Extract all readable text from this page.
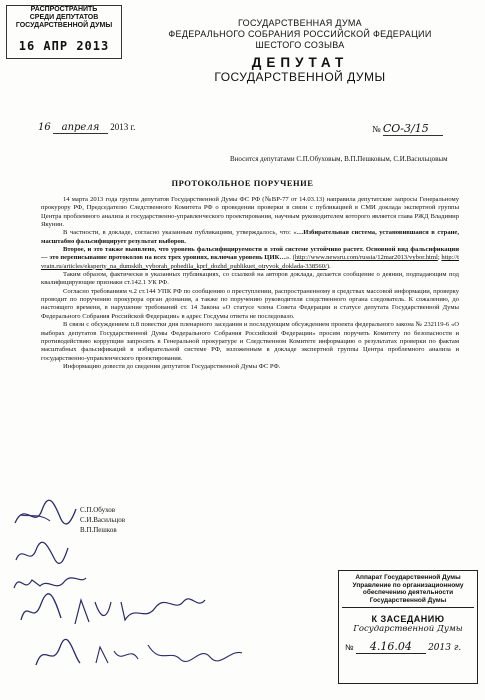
РАСПРОСТРАНИТЬ
СРЕДИ ДЕПУТАТОВ
ГОСУДАРСТВЕННОЙ ДУМЫ
16 АПР 2013
ГОСУДАРСТВЕННАЯ ДУМА
ФЕДЕРАЛЬНОГО СОБРАНИЯ РОССИЙСКОЙ ФЕДЕРАЦИИ
ШЕСТОГО СОЗЫВА
ДЕПУТАТ
ГОСУДАРСТВЕННОЙ ДУМЫ
16 апреля 2013 г.	№ СО-3/15
Вносится депутатами С.П.Обуховым, В.П.Пешковым, С.И.Васильцовым
ПРОТОКОЛЬНОЕ ПОРУЧЕНИЕ

14 марта 2013 года группа депутатов Государственной Думы ФС РФ (№ВР-77 от 14.03.13) направила депутатские запросы Генеральному прокурору РФ, Председателю Следственного Комитета РФ о проведении проверки в связи с публикацией в СМИ доклада экспертной группы Центра проблемного анализа и государственно-управленческого проектирования, научным руководителем которого является глава РЖД Владимир Якунин.

В частности, в докладе, согласно указанным публикациям, утверждалось, что: «…Избирательная система, установившаяся в стране, масштабно фальсифицирует результат выборов.

Второе, и это также выявлено, что уровень фальсифицируемости в этой системе устойчиво растет. Основной вид фальсификации — это переписывание протоколов на всех трех уровнях, включая уровень ЦИК…». (http://www.newsru.com/russia/12mar2013/vybor.html; http://tvrain.ru/articles/eksperty_na_dumskih_vyborah_pobedila_kprf_dozhd_publikuet_otryvok_doklada-338560/).

Таким образом, фактически в указанных публикациях, со ссылкой на авторов доклада, делается сообщение о деянии, подпадающим под квалифицирующие признаки ст.142.1 УК РФ.

Согласно требованиям ч.2 ст.144 УПК РФ по сообщению о преступлении, распространенному в средствах массовой информации, проверку проводит по поручению прокурора орган дознания, а также по поручению руководителя следственного органа следователь. К сожалению, до настоящего времени, в нарушение требований ст. 14 Закона «О статусе члена Совета Федерации и статусе депутата Государственной Думы Федерального Собрания Российской Федерации» в адрес Госдумы ответа не последовало.

В связи с обсуждением п.8 повестки дня пленарного заседания и последующим обсуждением проекта федерального закона № 232119-6 «О выборах депутатов Государственной Думы Федерального Собрания Российской Федерации» просим поручить Комитету по безопасности и противодействию коррупции запросить в Генеральной прокуратуре и Следственном Комитете информацию о результатах проверки по фактам масштабных фальсификаций в избирательной системе РФ, изложенным в докладе экспертной группы Центра проблемного анализа и государственно-управленческого проектирования.

Информацию довести до сведения депутатов Государственной Думы ФС РФ.

С.П.Обухов
С.И.Васильцов
В.П.Пешков
Аппарат Государственной Думы
Управление по организационному
обеспечению деятельности
Государственной Думы
К ЗАСЕДАНИЮ
Государственной Думы
№ 4.16.04 2013 г.
